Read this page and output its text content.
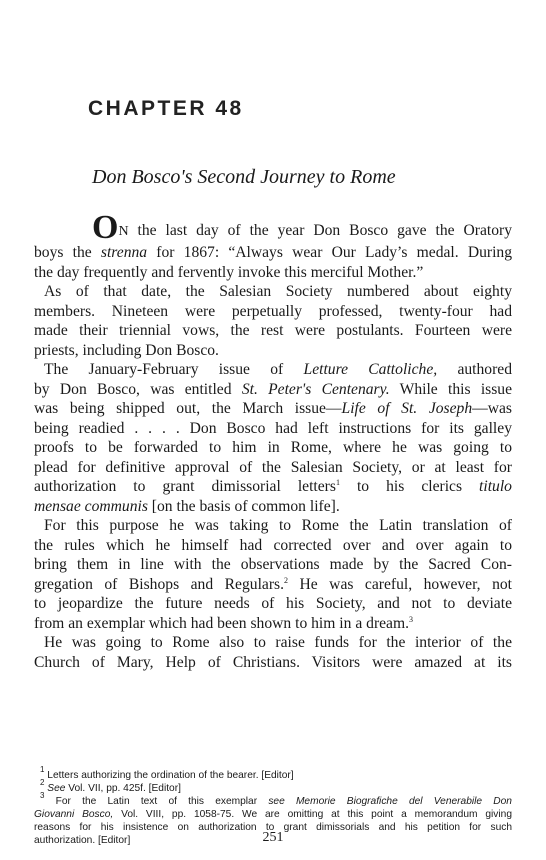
CHAPTER 48
Don Bosco's Second Journey to Rome
ON the last day of the year Don Bosco gave the Oratory
boys the strenna for 1867: “Always wear Our Lady’s medal. During
the day frequently and fervently invoke this merciful Mother.”
As of that date, the Salesian Society numbered about eighty
members. Nineteen were perpetually professed, twenty-four had
made their triennial vows, the rest were postulants. Fourteen were
priests, including Don Bosco.
The January-February issue of Letture Cattoliche, authored
by Don Bosco, was entitled St. Peter's Centenary. While this issue
was being shipped out, the March issue—Life of St. Joseph—was
being readied . . . . Don Bosco had left instructions for its galley
proofs to be forwarded to him in Rome, where he was going to
plead for definitive approval of the Salesian Society, or at least for
authorization to grant dimissorial letters$^1$ to his clerics titulo
mensae communis [on the basis of common life].
For this purpose he was taking to Rome the Latin translation of
the rules which he himself had corrected over and over again to
bring them in line with the observations made by the Sacred Con-
gregation of Bishops and Regulars.$^2$ He was careful, however, not
to jeopardize the future needs of his Society, and not to deviate
from an exemplar which had been shown to him in a dream.$^3$
He was going to Rome also to raise funds for the interior of the
Church of Mary, Help of Christians. Visitors were amazed at its
$^1$ Letters authorizing the ordination of the bearer. [Editor]
$^2$ See Vol. VII, pp. 425f. [Editor]
$^3$ For the Latin text of this exemplar see Memorie Biografiche del Venerabile Don
Giovanni Bosco, Vol. VIII, pp. 1058-75. We are omitting at this point a memorandum giving
reasons for his insistence on authorization to grant dimissorials and his petition for such
authorization. [Editor]	251
